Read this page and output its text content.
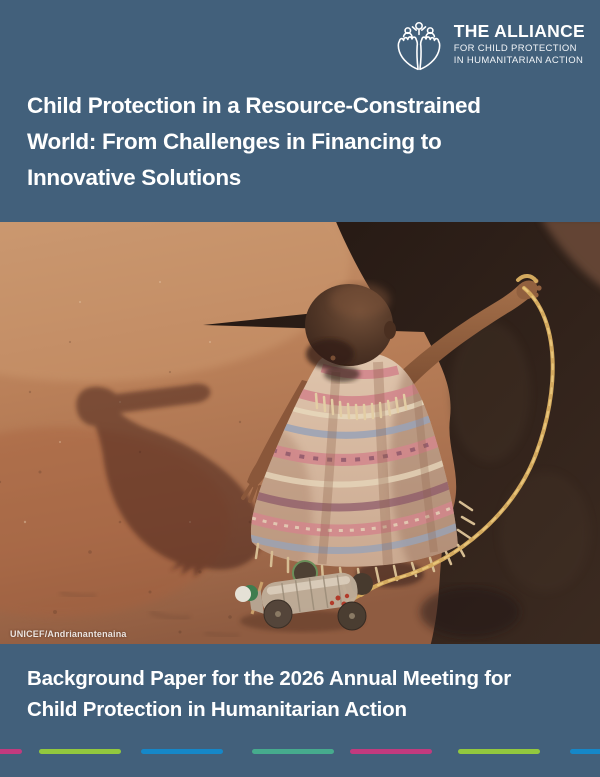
THE ALLIANCE
FOR CHILD PROTECTION
IN HUMANITARIAN ACTION
Child Protection in a Resource-Constrained
World: From Challenges in Financing to
Innovative Solutions
UNICEF/Andrianantenaina
Background Paper for the 2026 Annual Meeting for
Child Protection in Humanitarian Action
